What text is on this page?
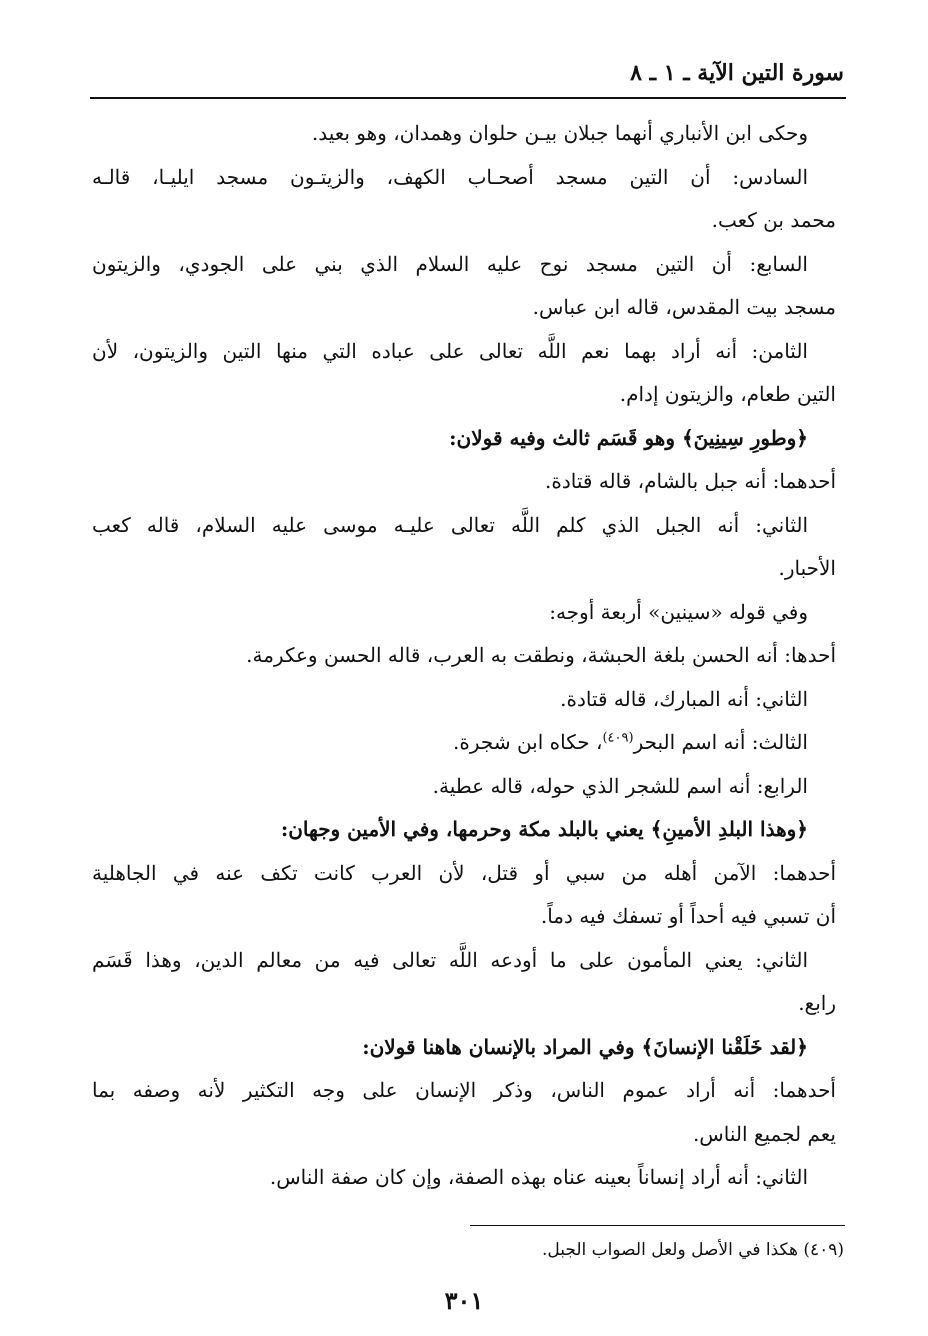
سورة التين الآية ـ ١ ـ ٨

وحكى ابن الأنباري أنهما جبلان بيـن حلوان وهمدان، وهو بعيد.

السادس: أن التين مسجد أصحـاب الكهف، والزيتـون مسجد ايليـا، قالـه

محمد بن كعب.

السابع: أن التين مسجد نوح عليه السلام الذي بني على الجودي، والزيتون

مسجد بيت المقدس، قاله ابن عباس.

الثامن: أنه أراد بهما نعم اللَّه تعالى على عباده التي منها التين والزيتون، لأن

التين طعام، والزيتون إدام.

﴿وطورِ سِينِينَ﴾ وهو قَسَم ثالث وفيه قولان:

أحدهما: أنه جبل بالشام، قاله قتادة.

الثاني: أنه الجبل الذي كلم اللَّه تعالى عليـه موسى عليه السلام، قاله كعب

الأحبار.

وفي قوله «سينين» أربعة أوجه:

أحدها: أنه الحسن بلغة الحبشة، ونطقت به العرب، قاله الحسن وعكرمة.

الثاني: أنه المبارك، قاله قتادة.

الثالث: أنه اسم البحر$^{(٤٠٩)}$، حكاه ابن شجرة.

الرابع: أنه اسم للشجر الذي حوله، قاله عطية.

﴿وهذا البلدِ الأمينِ﴾ يعني بالبلد مكة وحرمها، وفي الأمين وجهان:

أحدهما: الآمن أهله من سبي أو قتل، لأن العرب كانت تكف عنه في الجاهلية

أن تسبي فيه أحداً أو تسفك فيه دماً.

الثاني: يعني المأمون على ما أودعه اللَّه تعالى فيه من معالم الدين، وهذا قَسَم

رابع.

﴿لقد خَلَقْنا الإنسانَ﴾ وفي المراد بالإنسان هاهنا قولان:

أحدهما: أنه أراد عموم الناس، وذكر الإنسان على وجه التكثير لأنه وصفه بما

يعم لجميع الناس.

الثاني: أنه أراد إنساناً بعينه عناه بهذه الصفة، وإن كان صفة الناس.

(٤٠٩) هكذا في الأصل ولعل الصواب الجبل.
٣٠١
